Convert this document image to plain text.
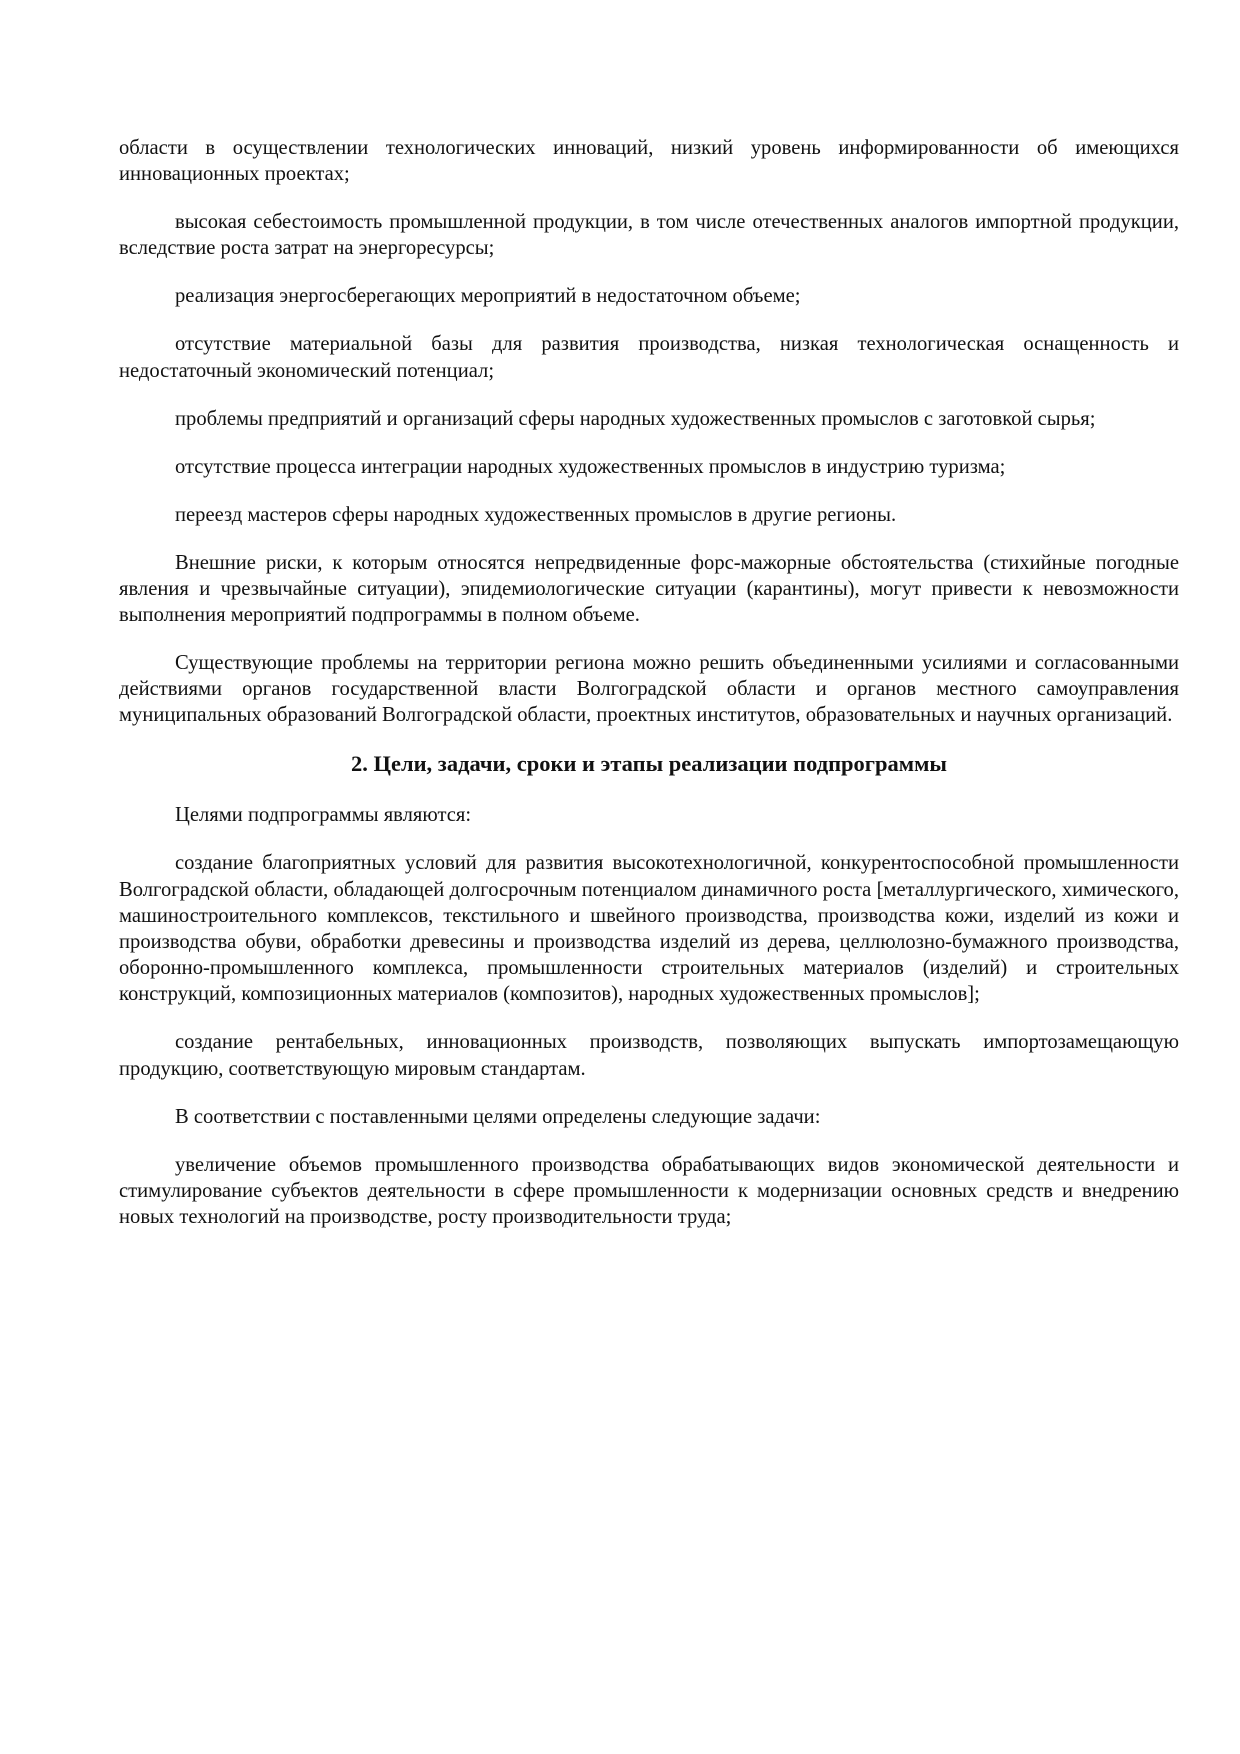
области в осуществлении технологических инноваций, низкий уровень информированности об имеющихся инновационных проектах;

высокая себестоимость промышленной продукции, в том числе отечественных аналогов импортной продукции, вследствие роста затрат на энергоресурсы;

реализация энергосберегающих мероприятий в недостаточном объеме;

отсутствие материальной базы для развития производства, низкая технологическая оснащенность и недостаточный экономический потенциал;

проблемы предприятий и организаций сферы народных художественных промыслов с заготовкой сырья;

отсутствие процесса интеграции народных художественных промыслов в индустрию туризма;

переезд мастеров сферы народных художественных промыслов в другие регионы.

Внешние риски, к которым относятся непредвиденные форс-мажорные обстоятельства (стихийные погодные явления и чрезвычайные ситуации), эпидемиологические ситуации (карантины), могут привести к невозможности выполнения мероприятий подпрограммы в полном объеме.

Существующие проблемы на территории региона можно решить объединенными усилиями и согласованными действиями органов государственной власти Волгоградской области и органов местного самоуправления муниципальных образований Волгоградской области, проектных институтов, образовательных и научных организаций.

2. Цели, задачи, сроки и этапы реализации подпрограммы

Целями подпрограммы являются:

создание благоприятных условий для развития высокотехнологичной, конкурентоспособной промышленности Волгоградской области, обладающей долгосрочным потенциалом динамичного роста [металлургического, химического, машиностроительного комплексов, текстильного и швейного производства, производства кожи, изделий из кожи и производства обуви, обработки древесины и производства изделий из дерева, целлюлозно-бумажного производства, оборонно-промышленного комплекса, промышленности строительных материалов (изделий) и строительных конструкций, композиционных материалов (композитов), народных художественных промыслов];

создание рентабельных, инновационных производств, позволяющих выпускать импортозамещающую продукцию, соответствующую мировым стандартам.

В соответствии с поставленными целями определены следующие задачи:

увеличение объемов промышленного производства обрабатывающих видов экономической деятельности и стимулирование субъектов деятельности в сфере промышленности к модернизации основных средств и внедрению новых технологий на производстве, росту производительности труда;
